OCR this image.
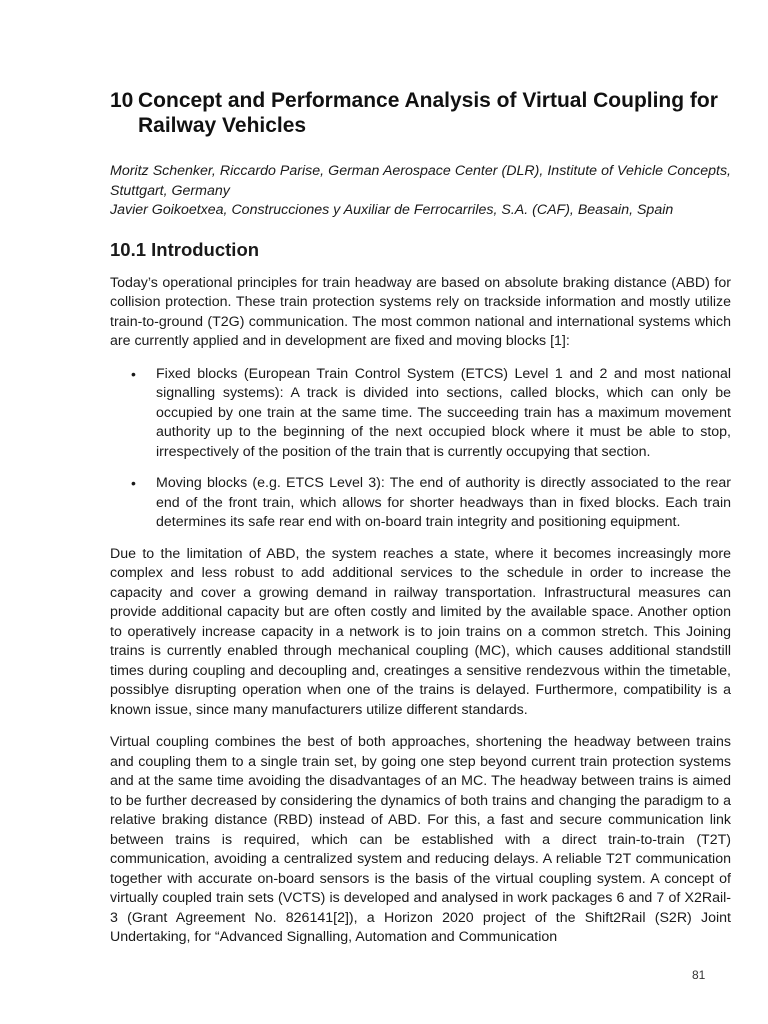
10 Concept and Performance Analysis of Virtual Coupling for Railway Vehicles

Moritz Schenker, Riccardo Parise, German Aerospace Center (DLR), Institute of Vehicle Concepts, Stuttgart, Germany

Javier Goikoetxea, Construcciones y Auxiliar de Ferrocarriles, S.A. (CAF), Beasain, Spain

10.1 Introduction

Today’s operational principles for train headway are based on absolute braking distance (ABD) for collision protection. These train protection systems rely on trackside information and mostly utilize train-to-ground (T2G) communication. The most common national and international systems which are currently applied and in development are fixed and moving blocks [1]:

• Fixed blocks (European Train Control System (ETCS) Level 1 and 2 and most national signalling systems): A track is divided into sections, called blocks, which can only be occupied by one train at the same time. The succeeding train has a maximum movement authority up to the beginning of the next occupied block where it must be able to stop, irrespectively of the position of the train that is currently occupying that section.
• Moving blocks (e.g. ETCS Level 3): The end of authority is directly associated to the rear end of the front train, which allows for shorter headways than in fixed blocks. Each train determines its safe rear end with on-board train integrity and positioning equipment.

Due to the limitation of ABD, the system reaches a state, where it becomes increasingly more complex and less robust to add additional services to the schedule in order to increase the capacity and cover a growing demand in railway transportation. Infrastructural measures can provide additional capacity but are often costly and limited by the available space. Another option to operatively increase capacity in a network is to join trains on a common stretch. This Joining trains is currently enabled through mechanical coupling (MC), which causes additional standstill times during coupling and decoupling and, creatinges a sensitive rendezvous within the timetable, possiblye disrupting operation when one of the trains is delayed. Furthermore, compatibility is a known issue, since many manufacturers utilize different standards.

Virtual coupling combines the best of both approaches, shortening the headway between trains and coupling them to a single train set, by going one step beyond current train protection systems and at the same time avoiding the disadvantages of an MC. The headway between trains is aimed to be further decreased by considering the dynamics of both trains and changing the paradigm to a relative braking distance (RBD) instead of ABD. For this, a fast and secure communication link between trains is required, which can be established with a direct train-to-train (T2T) communication, avoiding a centralized system and reducing delays. A reliable T2T communication together with accurate on-board sensors is the basis of the virtual coupling system. A concept of virtually coupled train sets (VCTS) is developed and analysed in work packages 6 and 7 of X2Rail-3 (Grant Agreement No. 826141[2]), a Horizon 2020 project of the Shift2Rail (S2R) Joint Undertaking, for “Advanced Signalling, Automation and Communication

81
